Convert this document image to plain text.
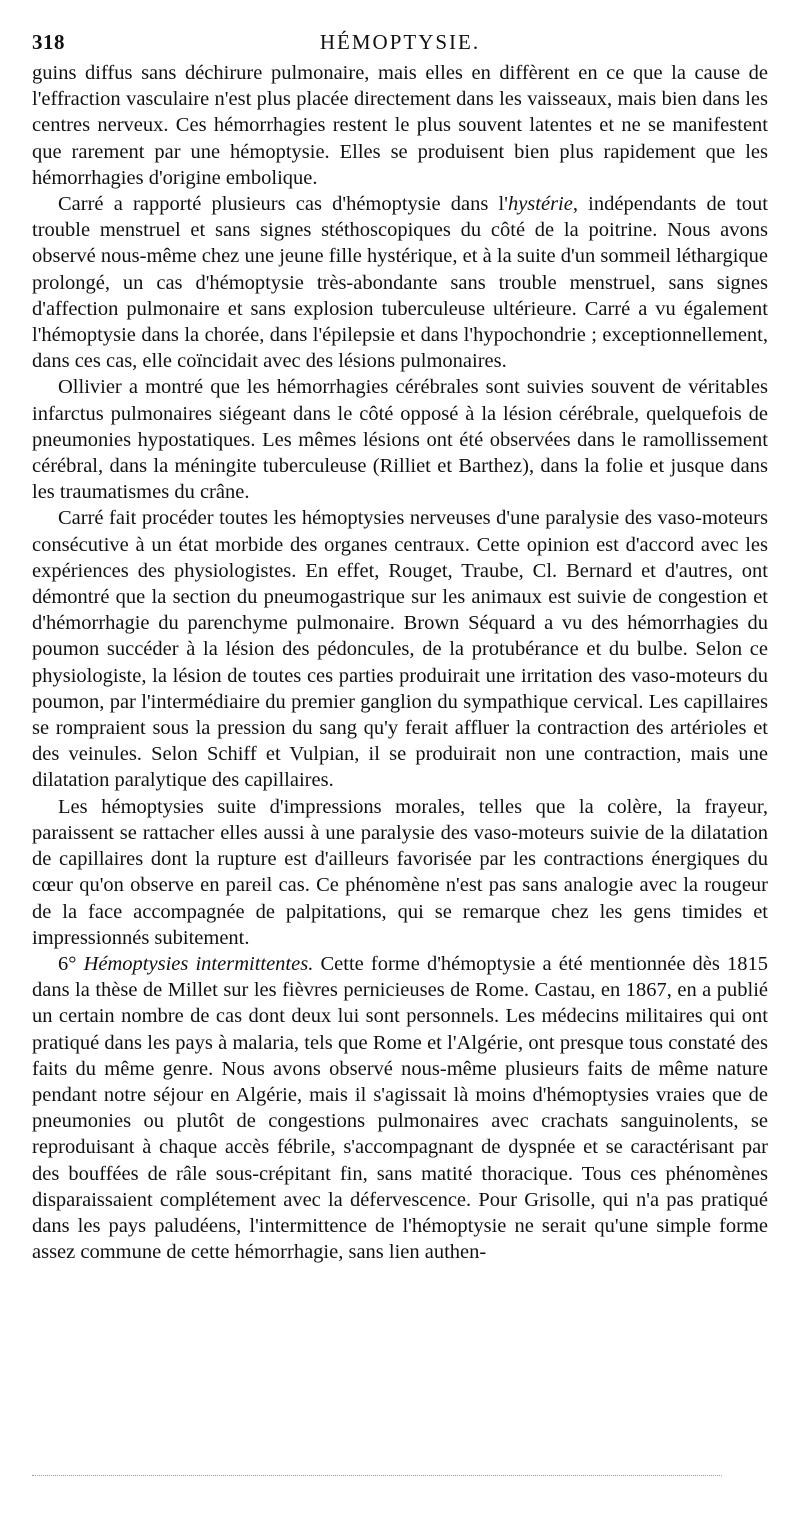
318	HÉMOPTYSIE.

guins diffus sans déchirure pulmonaire, mais elles en diffèrent en ce que la cause de l'effraction vasculaire n'est plus placée directement dans les vaisseaux, mais bien dans les centres nerveux. Ces hémorrhagies restent le plus souvent latentes et ne se manifestent que rarement par une hémoptysie. Elles se produisent bien plus rapidement que les hémorrhagies d'origine embolique.

Carré a rapporté plusieurs cas d'hémoptysie dans l'hystérie, indépendants de tout trouble menstruel et sans signes stéthoscopiques du côté de la poitrine. Nous avons observé nous-même chez une jeune fille hystérique, et à la suite d'un sommeil léthargique prolongé, un cas d'hémoptysie très-abondante sans trouble menstruel, sans signes d'affection pulmonaire et sans explosion tuberculeuse ultérieure. Carré a vu également l'hémoptysie dans la chorée, dans l'épilepsie et dans l'hypochondrie ; exceptionnellement, dans ces cas, elle coïncidait avec des lésions pulmonaires.

Ollivier a montré que les hémorrhagies cérébrales sont suivies souvent de véritables infarctus pulmonaires siégeant dans le côté opposé à la lésion cérébrale, quelquefois de pneumonies hypostatiques. Les mêmes lésions ont été observées dans le ramollissement cérébral, dans la méningite tuberculeuse (Rilliet et Barthez), dans la folie et jusque dans les traumatismes du crâne.

Carré fait procéder toutes les hémoptysies nerveuses d'une paralysie des vaso-moteurs consécutive à un état morbide des organes centraux. Cette opinion est d'accord avec les expériences des physiologistes. En effet, Rouget, Traube, Cl. Bernard et d'autres, ont démontré que la section du pneumogastrique sur les animaux est suivie de congestion et d'hémorrhagie du parenchyme pulmonaire. Brown Séquard a vu des hémorrhagies du poumon succéder à la lésion des pédoncules, de la protubérance et du bulbe. Selon ce physiologiste, la lésion de toutes ces parties produirait une irritation des vaso-moteurs du poumon, par l'intermédiaire du premier ganglion du sympathique cervical. Les capillaires se rompraient sous la pression du sang qu'y ferait affluer la contraction des artérioles et des veinules. Selon Schiff et Vulpian, il se produirait non une contraction, mais une dilatation paralytique des capillaires.

Les hémoptysies suite d'impressions morales, telles que la colère, la frayeur, paraissent se rattacher elles aussi à une paralysie des vaso-moteurs suivie de la dilatation de capillaires dont la rupture est d'ailleurs favorisée par les contractions énergiques du cœur qu'on observe en pareil cas. Ce phénomène n'est pas sans analogie avec la rougeur de la face accompagnée de palpitations, qui se remarque chez les gens timides et impressionnés subitement.

6° Hémoptysies intermittentes. Cette forme d'hémoptysie a été mentionnée dès 1815 dans la thèse de Millet sur les fièvres pernicieuses de Rome. Castau, en 1867, en a publié un certain nombre de cas dont deux lui sont personnels. Les médecins militaires qui ont pratiqué dans les pays à malaria, tels que Rome et l'Algérie, ont presque tous constaté des faits du même genre. Nous avons observé nous-même plusieurs faits de même nature pendant notre séjour en Algérie, mais il s'agissait là moins d'hémoptysies vraies que de pneumonies ou plutôt de congestions pulmonaires avec crachats sanguinolents, se reproduisant à chaque accès fébrile, s'accompagnant de dyspnée et se caractérisant par des bouffées de râle sous-crépitant fin, sans matité thoracique. Tous ces phénomènes disparaissaient complétement avec la défervescence. Pour Grisolle, qui n'a pas pratiqué dans les pays paludéens, l'intermittence de l'hémoptysie ne serait qu'une simple forme assez commune de cette hémorrhagie, sans lien authen-
